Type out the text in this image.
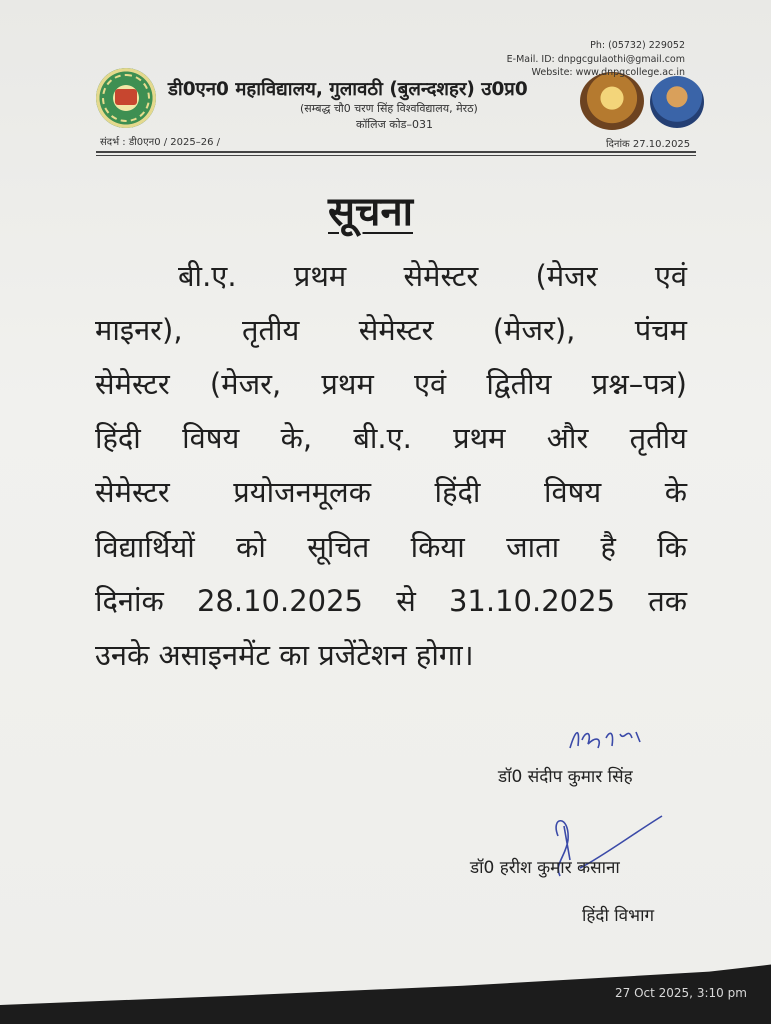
Ph: (05732) 229052
E-Mail. ID: dnpgcgulaothi@gmail.com
Website: www.dnpgcollege.ac.in
डी0एन0 महाविद्यालय, गुलावठी (बुलन्दशहर) उ0प्र0
(सम्बद्ध चौ0 चरण सिंह विश्वविद्यालय, मेरठ)
कॉलिज कोड–031
संदर्भ : डी0एन0 / 2025–26 /	दिनांक 27.10.2025
सूचना
बी.ए. प्रथम सेमेस्टर (मेजर एवं
माइनर), तृतीय सेमेस्टर (मेजर), पंचम
सेमेस्टर (मेजर, प्रथम एवं द्वितीय प्रश्न–पत्र)
हिंदी विषय के, बी.ए. प्रथम और तृतीय
सेमेस्टर प्रयोजनमूलक हिंदी विषय के
विद्यार्थियों को सूचित किया जाता है कि
दिनांक 28.10.2025 से 31.10.2025 तक
उनके असाइनमेंट का प्रजेंटेशन होगा।
डॉ0 संदीप कुमार सिंह
डॉ0 हरीश कुमार कसाना
हिंदी विभाग
27 Oct 2025, 3:10 pm
